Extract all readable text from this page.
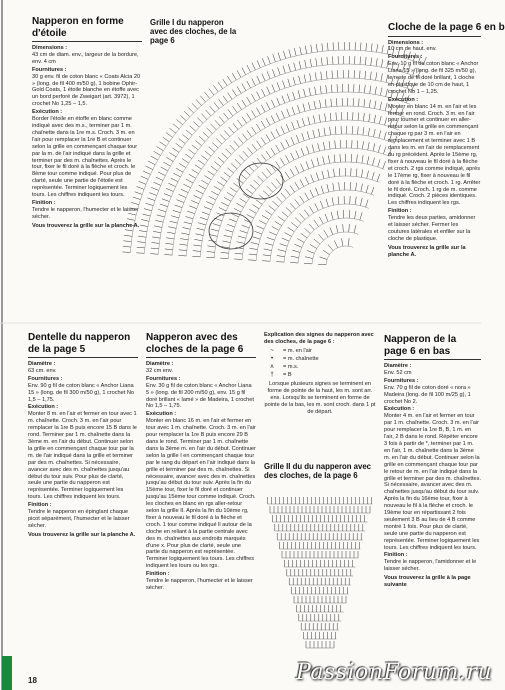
Napperon en forme d'étoile
Dimensions :
43 cm de diam. env., largeur de la bordure, env. 4 cm
Fournitures :
30 g env. fil de coton blanc « Coats Alcia 20 » (long. de fil 400 m/50 g), 1 bobine Ophir-Gold Coats, 1 étoile blanche en étoffe avec un bord perforé de Zweigart (art. 3972), 1 crochet No 1,25 – 1,5.
Exécution :
Border l'étoile en étoffe en blanc comme indiqué avec des m.s., terminer par 1 m. chaînette dans la 1re m.s. Croch. 3 m. en l'air pour remplacer la 1re B et continuer selon la grille en commençant chaque tour par la m. de l'air indiqué dans la grille et terminer par des m. chaînettes. Après le tour, fixer le fil doré à la flèche et croch. le 8ème tour comme indiqué. Pour plus de clarté, seule une partie de l'étoile est représentée. Terminer logiquement les tours. Les chiffres indiquent les tours.
Finition :
Tendre le napperon, l'humecter et le laisser sécher.
Vous trouverez la grille sur la planche A.
Grille I du napperon avec des cloches, de la page 6
Cloche de la page 6 en b
Dimensions :
10 cm de haut. env.
Fournitures :
Env. 10 g fil de coton blanc « Anchor Liana 15 » (long. de fil 325 m/50 g), le reste de fil doré brillant, 1 cloche en plastique de 10 cm de haut, 1 crochet No 1 – 1,25.
Exécution :
Monter en blanc 14 m. en l'air et les fermer en rond. Croch. 3 m. en l'air pour tourner et continuer en aller-retour selon la grille en commençant chaque rg par 3 m. en l'air en remplacement et terminer avec 1 B dans les m. en l'air de remplacement du rg précédent. Après le 15ème rg, fixer à nouveau le fil doré à la flèche et croch. 2 rgs comme indiqué, après le 17ème rg, fixer à nouveau le fil doré à la flèche et croch. 1 rg. Arrêter le fil doré. Croch. 1 rg de m. comme indiqué. Croch. 2 pièces identiques. Les chiffres indiquent les rgs.
Finition :
Tendre les deux parties, amidonner et laisser sécher. Fermer les coutures latérales et enfiler sur la cloche de plastique.
Vous trouverez la grille sur la planche A.
Dentelle du napperon de la page 5
Diamètre :
63 cm. env.
Fournitures :
Env. 90 g fil de coton blanc « Anchor Liana 15 » (long. de fil 300 m/50 g), 1 crochet No 1,5 – 1,75.
Exécution :
Monter 8 m. en l'air et fermer en tour avec 1 m. chaînette. Croch. 3 m. en l'air pour remplacer la 1re B puis encore 15 B dans le rond. Terminer par 1 m. chaînette dans la 3ème m. en l'air du début. Continuer selon la grille en commençant chaque tour par la m. de l'air indiqué dans la grille et terminer par des m. chaînettes. Si nécessaire, avancer avec des m. chaînettes jusqu'au début du tour suiv. Pour plus de clarté, seule une partie du napperon est représentée. Terminer logiquement les tours. Les chiffres indiquent les tours.
Finition :
Tendre le napperon en épinglant chaque picot séparément, l'humecter et le laisser sécher.
Vous trouverez la grille sur la planche A.
Napperon avec des cloches de la page 6
Diamètre :
32 cm env.
Fournitures :
Env. 30 g fil de coton blanc « Anchor Liana 5 » (long. de fil 200 m/50 g), env. 15 g fil doré brillant « lamé » de Madeira, 1 crochet No 1,5 – 1,75.
Exécution :
Monter en blanc 16 m. en l'air et fermer en tour avec 1 m. chaînette. Croch. 3 m. en l'air pour remplacer la 1re B puis encore 29 B dans le rond. Terminer par 1 m. chaînette dans la 3ème m. en l'air du début. Continuer selon la grille I en commençant chaque tour par le rang du départ en l'air indiqué dans la grille et terminer par des m. chaînettes. Si nécessaire, avancer avec des m. chaînettes jusqu'au début du tour suiv. Après la fin du 15ème tour, fixer le fil doré et continuer jusqu'au 15ème tour comme indiqué. Croch. les cloches en blanc en rgs aller-retour selon la grille II. Après la fin du 10ème rg, fixer à nouveau le fil doré à la flèche et croch. 1 tour comme indiqué ll autour de la cloche en reliant à la partie centrale avec des m. chaînettes aux endroits marqués d'une x. Pour plus de clarté, seule une partie du napperon est représentée. Terminer logiquement les tours. Les chiffres indiquent les tours ou les rgs.
Finition :
Tendre le napperon, l'humecter et le laisser sécher.
Explication des signes du napperon avec des cloches, de la page 6 :
~	= m. en l'air
•	= m. chaînette
ʌ	= m.s.
†	= B
Lorsque plusieurs signes se terminent en forme de pointe de la haut, les m. sont arr. ens. Lorsqu'ils se terminent en forme de pointe de la bas, les m. sont croch. dans 1 pt de départ.
Grille II du du napperon avec des cloches, de la page 6
Napperon de la page 6 en bas
Diamètre :
Env. 52 cm
Fournitures :
Env. 70 g fil de coton doré « nora » Madeira (long. de fil 100 m/25 g), 1 crochet No 2.
Exécution :
Monter 4 m. en l'air et fermer en tour par 1 m. chaînette. Croch. 3 m. en l'air pour remplacer la 1re B, B, 1 m. en l'air, 2 B dans le rond. Répéter encore 3 fois à partir de *, terminer par 1 m. en l'air, 1 m. chaînette dans la 3ème m. en l'air du début. Continuer selon la grille en commençant chaque tour par le retour de m. en l'air indiqué dans la grille et terminer par des m. chaînettes. Si nécessaire, avancer avec des m. chaînettes jusqu'au début du tour suiv. Après la fin du 16ème tour, fixer à nouveau le fil à la flèche et croch. le 19ème tour en répartissant 2 fois seulement 3 B au lieu de 4 B comme montré 1 fois. Pour plus de clarté, seule une partie du napperon est représentée. Terminer logiquement les tours. Les chiffres indiquent les tours.
Finition :
Tendre le napperon, l'amidonner et le laisser sécher.
Vous trouverez la grille à la page suivante
18	PassionForum.ru
